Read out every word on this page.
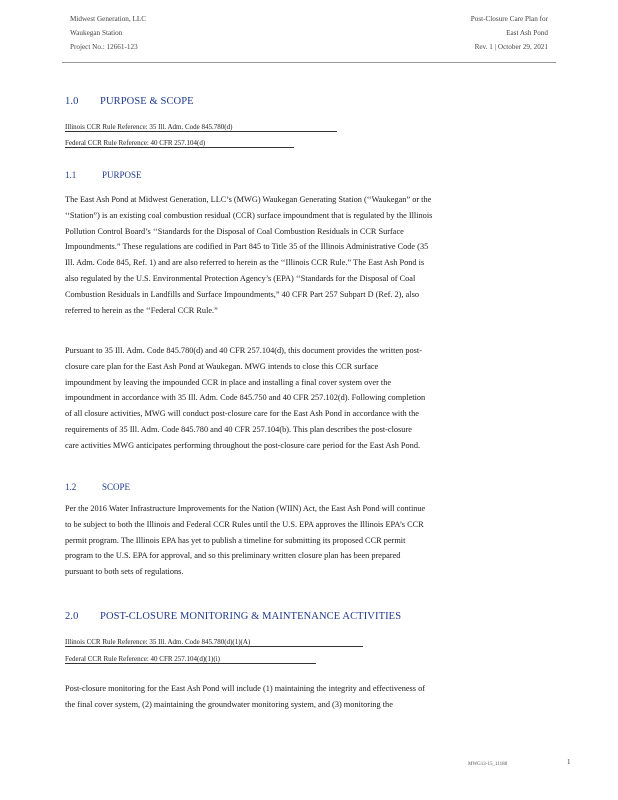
Midwest Generation, LLC
Waukegan Station
Project No.: 12661-123
Post-Closure Care Plan for
East Ash Pond
Rev. 1 | October 29, 2021
1.0 PURPOSE & SCOPE
Illinois CCR Rule Reference: 35 Ill. Adm. Code 845.780(d)
Federal CCR Rule Reference: 40 CFR 257.104(d)
1.1	PURPOSE
The East Ash Pond at Midwest Generation, LLC’s (MWG) Waukegan Generating Station (‘‘Waukegan” or the
‘‘Station”) is an existing coal combustion residual (CCR) surface impoundment that is regulated by the Illinois
Pollution Control Board’s ‘‘Standards for the Disposal of Coal Combustion Residuals in CCR Surface
Impoundments.” These regulations are codified in Part 845 to Title 35 of the Illinois Administrative Code (35
Ill. Adm. Code 845, Ref. 1) and are also referred to herein as the ‘‘Illinois CCR Rule.” The East Ash Pond is
also regulated by the U.S. Environmental Protection Agency’s (EPA) ‘‘Standards for the Disposal of Coal
Combustion Residuals in Landfills and Surface Impoundments,” 40 CFR Part 257 Subpart D (Ref. 2), also
referred to herein as the ‘‘Federal CCR Rule.”
Pursuant to 35 Ill. Adm. Code 845.780(d) and 40 CFR 257.104(d), this document provides the written post-
closure care plan for the East Ash Pond at Waukegan. MWG intends to close this CCR surface
impoundment by leaving the impounded CCR in place and installing a final cover system over the
impoundment in accordance with 35 Ill. Adm. Code 845.750 and 40 CFR 257.102(d). Following completion
of all closure activities, MWG will conduct post-closure care for the East Ash Pond in accordance with the
requirements of 35 Ill. Adm. Code 845.780 and 40 CFR 257.104(b). This plan describes the post-closure
care activities MWG anticipates performing throughout the post-closure care period for the East Ash Pond.
1.2	SCOPE
Per the 2016 Water Infrastructure Improvements for the Nation (WIIN) Act, the East Ash Pond will continue
to be subject to both the Illinois and Federal CCR Rules until the U.S. EPA approves the Illinois EPA’s CCR
permit program. The Illinois EPA has yet to publish a timeline for submitting its proposed CCR permit
program to the U.S. EPA for approval, and so this preliminary written closure plan has been prepared
pursuant to both sets of regulations.
2.0 POST-CLOSURE MONITORING & MAINTENANCE ACTIVITIES
Illinois CCR Rule Reference: 35 Ill. Adm. Code 845.780(d)(1)(A)
Federal CCR Rule Reference: 40 CFR 257.104(d)(1)(i)
Post-closure monitoring for the East Ash Pond will include (1) maintaining the integrity and effectiveness of
the final cover system, (2) maintaining the groundwater monitoring system, and (3) monitoring the
MWG13-15_11188	1
